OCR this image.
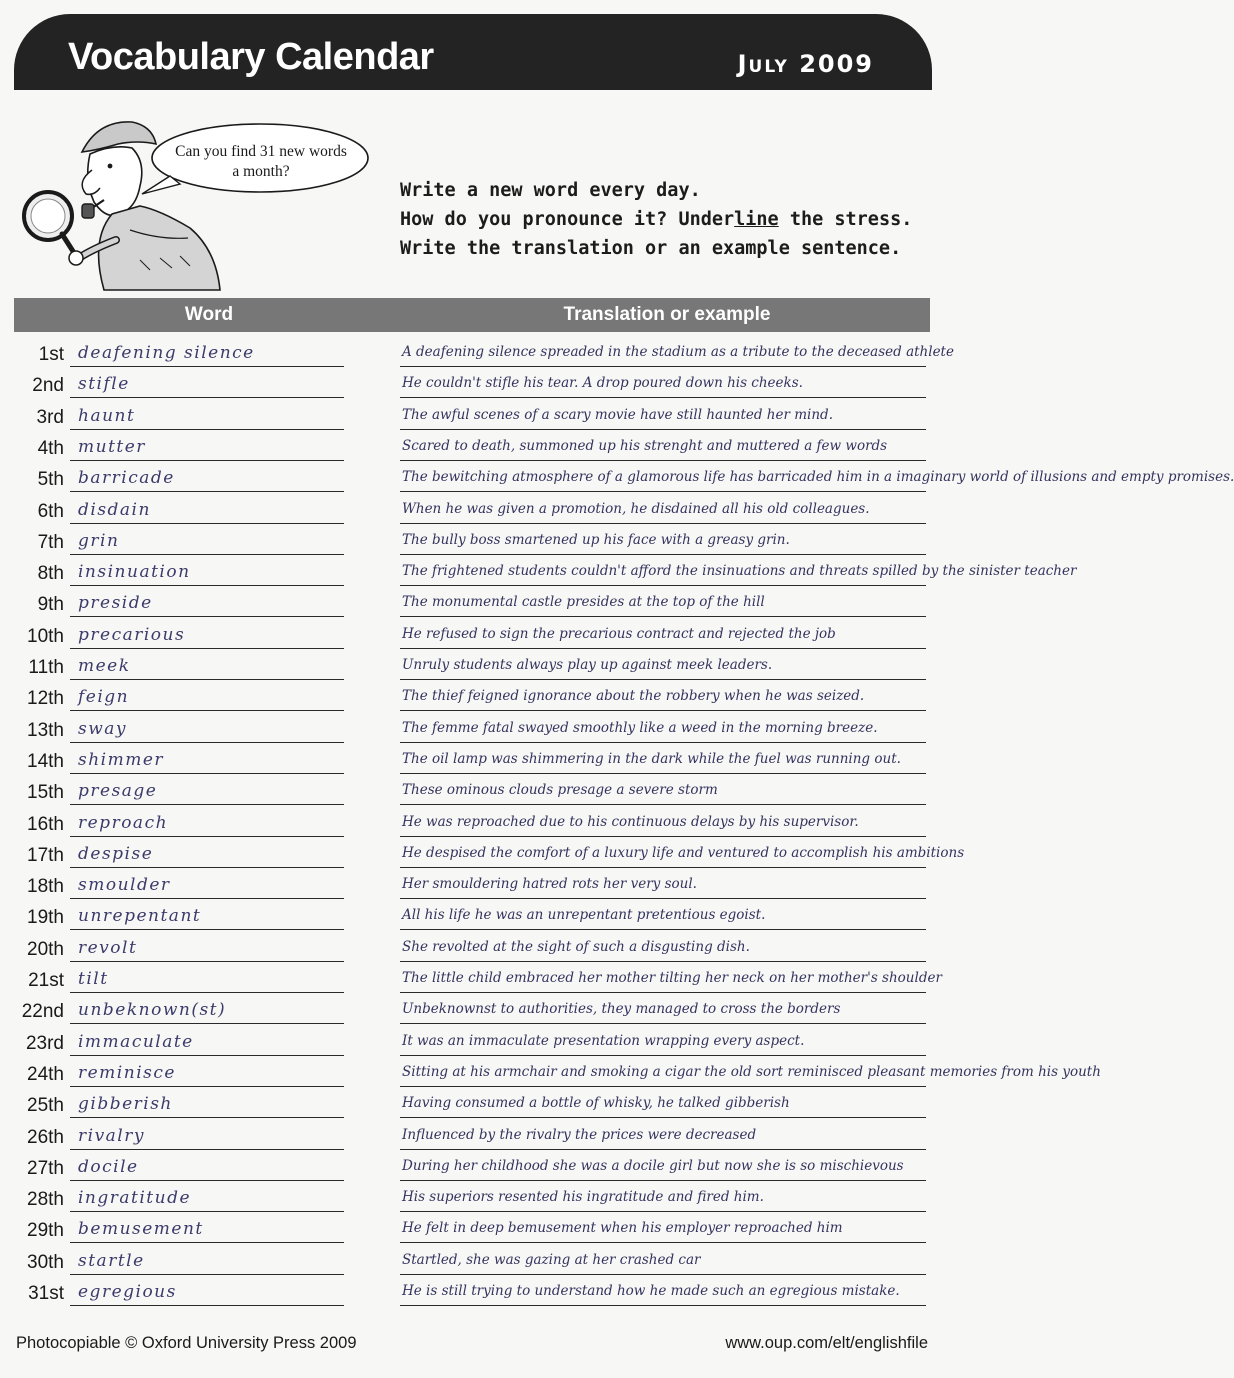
Vocabulary Calendar	July 2009
Can you find 31 new words
a month?
Write a new word every day.
How do you pronounce it? Underline the stress.
Write the translation or an example sentence.
Word	Translation or example
1st deafening silence	A deafening silence spreaded in the stadium as a tribute to the deceased athlete
2nd stifle	He couldn't stifle his tear. A drop poured down his cheeks.
3rd haunt	The awful scenes of a scary movie have still haunted her mind.
4th mutter	Scared to death, summoned up his strenght and muttered a few words
5th barricade	The bewitching atmosphere of a glamorous life has barricaded him in a imaginary world of illusions and empty promises.
6th disdain	When he was given a promotion, he disdained all his old colleagues.
7th grin	The bully boss smartened up his face with a greasy grin.
8th insinuation	The frightened students couldn't afford the insinuations and threats spilled by the sinister teacher
9th preside	The monumental castle presides at the top of the hill
10th precarious	He refused to sign the precarious contract and rejected the job
11th meek	Unruly students always play up against meek leaders.
12th feign	The thief feigned ignorance about the robbery when he was seized.
13th sway	The femme fatal swayed smoothly like a weed in the morning breeze.
14th shimmer	The oil lamp was shimmering in the dark while the fuel was running out.
15th presage	These ominous clouds presage a severe storm
16th reproach	He was reproached due to his continuous delays by his supervisor.
17th despise	He despised the comfort of a luxury life and ventured to accomplish his ambitions
18th smoulder	Her smouldering hatred rots her very soul.
19th unrepentant	All his life he was an unrepentant pretentious egoist.
20th revolt	She revolted at the sight of such a disgusting dish.
21st tilt	The little child embraced her mother tilting her neck on her mother's shoulder
22nd unbeknown(st)	Unbeknownst to authorities, they managed to cross the borders
23rd immaculate	It was an immaculate presentation wrapping every aspect.
24th reminisce	Sitting at his armchair and smoking a cigar the old sort reminisced pleasant memories from his youth
25th gibberish	Having consumed a bottle of whisky, he talked gibberish
26th rivalry	Influenced by the rivalry the prices were decreased
27th docile	During her childhood she was a docile girl but now she is so mischievous
28th ingratitude	His superiors resented his ingratitude and fired him.
29th bemusement	He felt in deep bemusement when his employer reproached him
30th startle	Startled, she was gazing at her crashed car
31st egregious	He is still trying to understand how he made such an egregious mistake.
Photocopiable © Oxford University Press 2009	www.oup.com/elt/englishfile
